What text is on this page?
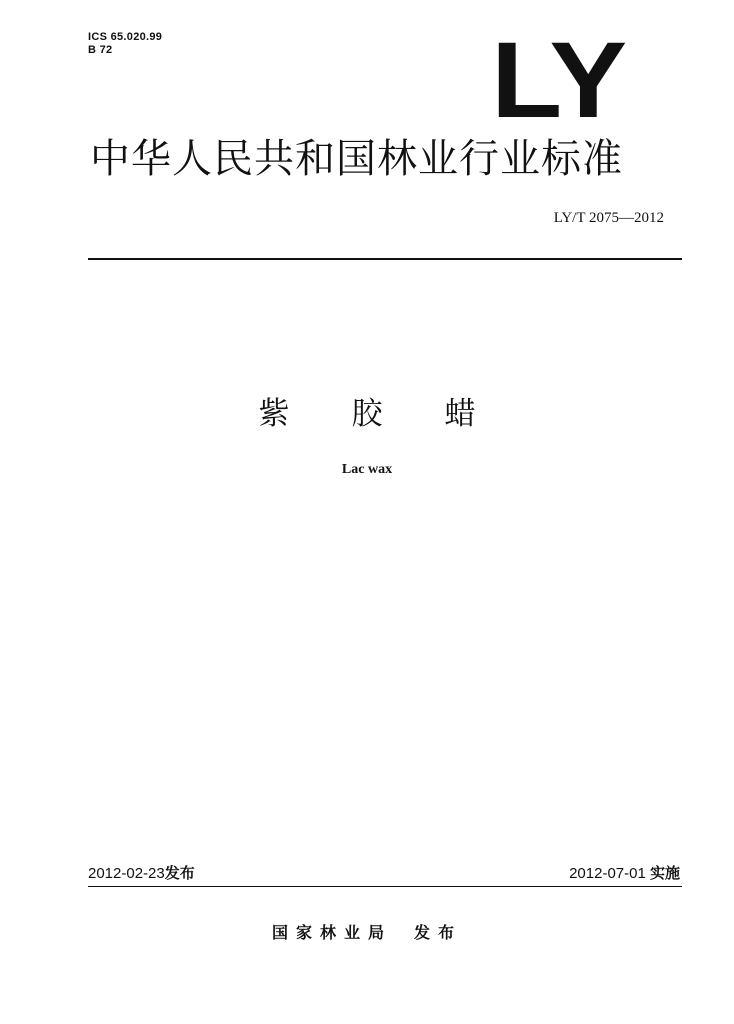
ICS 65.020.99
B 72	LY
中华人民共和国林业行业标准
LY/T 2075—2012
紫胶蜡
Lac wax
2012-02-23发布	2012-07-01 实施
国家林业局 发布
